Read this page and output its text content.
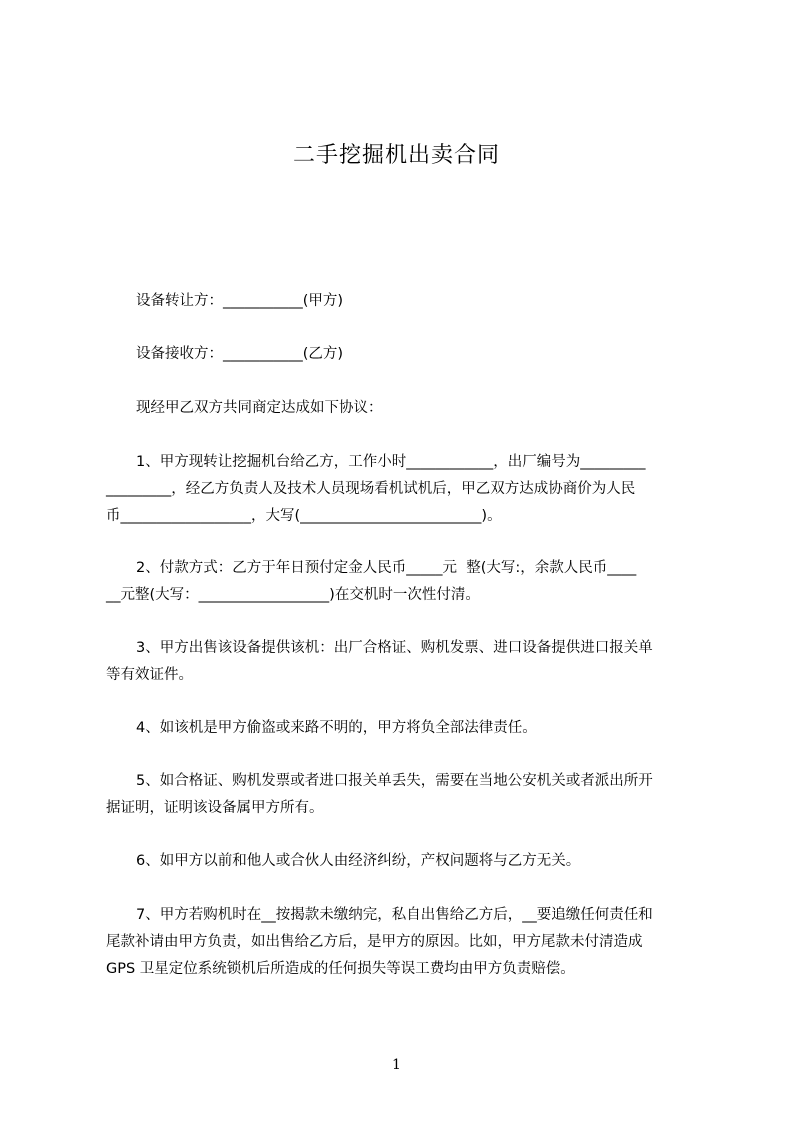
二手挖掘机出卖合同
设备转让方：___________(甲方)
设备接收方：___________(乙方)
现经甲乙双方共同商定达成如下协议：
1、甲方现转让挖掘机台给乙方，工作小时____________，出厂编号为_________
_________，经乙方负责人及技术人员现场看机试机后，甲乙双方达成协商价为人民
币__________________，大写(_________________________)。
2、付款方式：乙方于年日预付定金人民币_____元  整(大写:，余款人民币____
__元整(大写：__________________)在交机时一次性付清。
3、甲方出售该设备提供该机：出厂合格证、购机发票、进口设备提供进口报关单
等有效证件。
4、如该机是甲方偷盗或来路不明的，甲方将负全部法律责任。
5、如合格证、购机发票或者进口报关单丢失，需要在当地公安机关或者派出所开
据证明，证明该设备属甲方所有。
6、如甲方以前和他人或合伙人由经济纠纷，产权问题将与乙方无关。
7、甲方若购机时在__按揭款未缴纳完，私自出售给乙方后，__要追缴任何责任和
尾款补请由甲方负责，如出售给乙方后，是甲方的原因。比如，甲方尾款未付清造成
GPS 卫星定位系统锁机后所造成的任何损失等误工费均由甲方负责赔偿。
1
